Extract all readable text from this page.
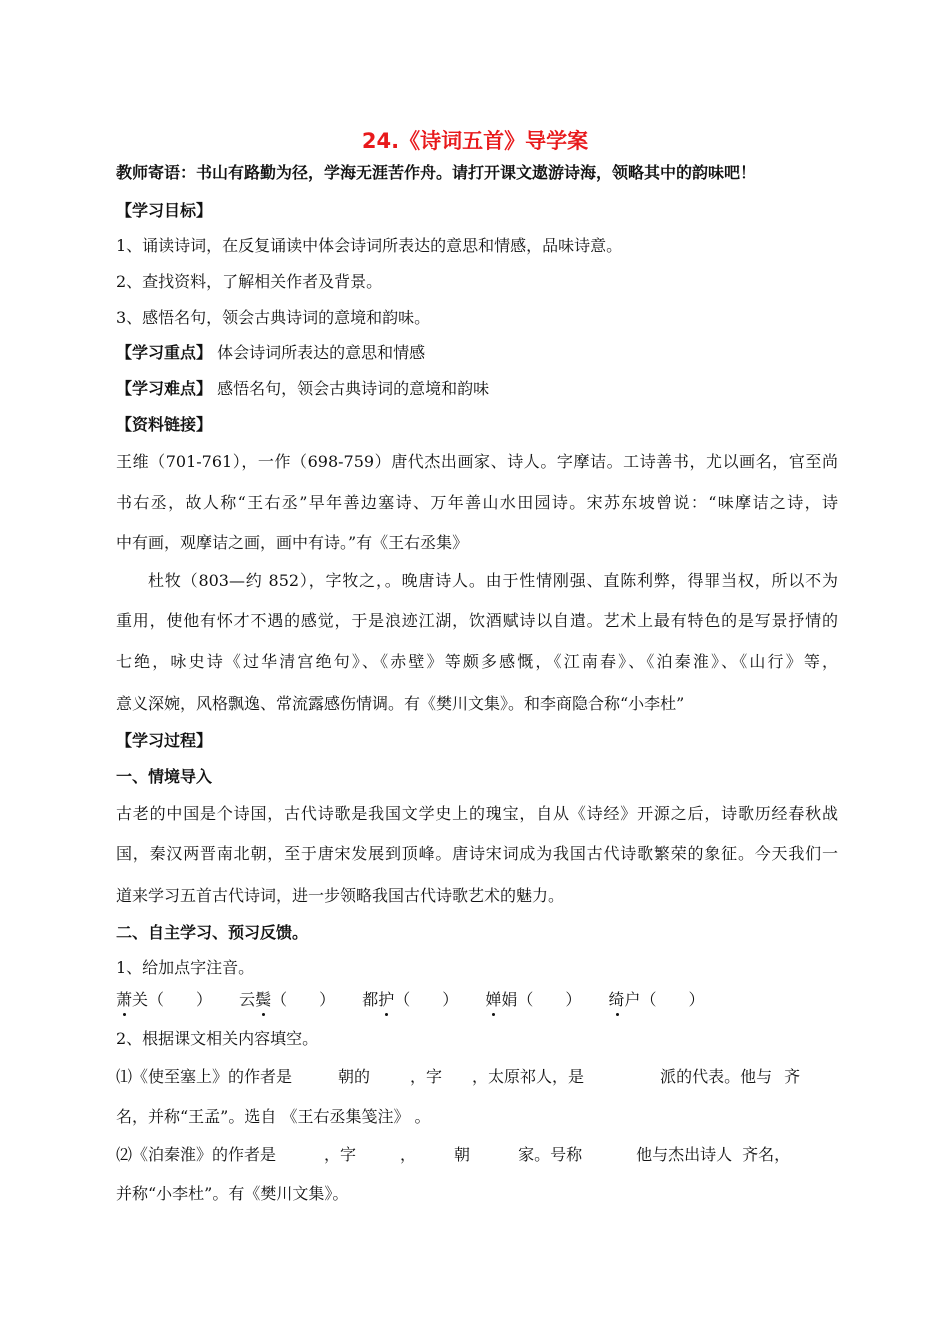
24.《诗词五首》导学案
教师寄语：书山有路勤为径，学海无涯苦作舟。请打开课文遨游诗海，领略其中的韵味吧！
【学习目标】
1、诵读诗词，在反复诵读中体会诗词所表达的意思和情感，品味诗意。
2、查找资料，了解相关作者及背景。
3、感悟名句，领会古典诗词的意境和韵味。
【学习重点】 体会诗词所表达的意思和情感
【学习难点】 感悟名句，领会古典诗词的意境和韵味
【资料链接】
王维（701-761），一作（698-759）唐代杰出画家、诗人。字摩诘。工诗善书，尤以画名，官至尚
书右丞，故人称“王右丞”早年善边塞诗、万年善山水田园诗。宋苏东坡曾说：“味摩诘之诗，诗
中有画，观摩诘之画，画中有诗。”有《王右丞集》
杜牧（803—约 852），字牧之，。晚唐诗人。由于性情刚强、直陈利弊，得罪当权，所以不为
重用，使他有怀才不遇的感觉，于是浪迹江湖，饮酒赋诗以自遣。艺术上最有特色的是写景抒情的
七绝，咏史诗《过华清宫绝句》、《赤壁》等颇多感慨，《江南春》、《泊秦淮》、《山行》等，
意义深婉，风格飘逸、常流露感伤情调。有《樊川文集》。和李商隐合称“小李杜”
【学习过程】
一、情境导入
古老的中国是个诗国，古代诗歌是我国文学史上的瑰宝，自从《诗经》开源之后，诗歌历经春秋战
国，秦汉两晋南北朝，至于唐宋发展到顶峰。唐诗宋词成为我国古代诗歌繁荣的象征。今天我们一
道来学习五首古代诗词，进一步领略我国古代诗歌艺术的魅力。
二、自主学习、预习反馈。
1、给加点字注音。
萧关（　　） 云鬓（　　） 都护（　　） 婵娟（　　） 绮户（　　）
2、根据课文相关内容填空。
⑴《使至塞上》的作者是	朝的	，字 ，太原祁人，是	派的代表。他与 齐
名，并称“王孟”。选自 《王右丞集笺注》 。
⑵《泊秦淮》的作者是	，字	， 朝	家。号称	他与杰出诗人 齐名，
并称“小李杜”。有《樊川文集》。
